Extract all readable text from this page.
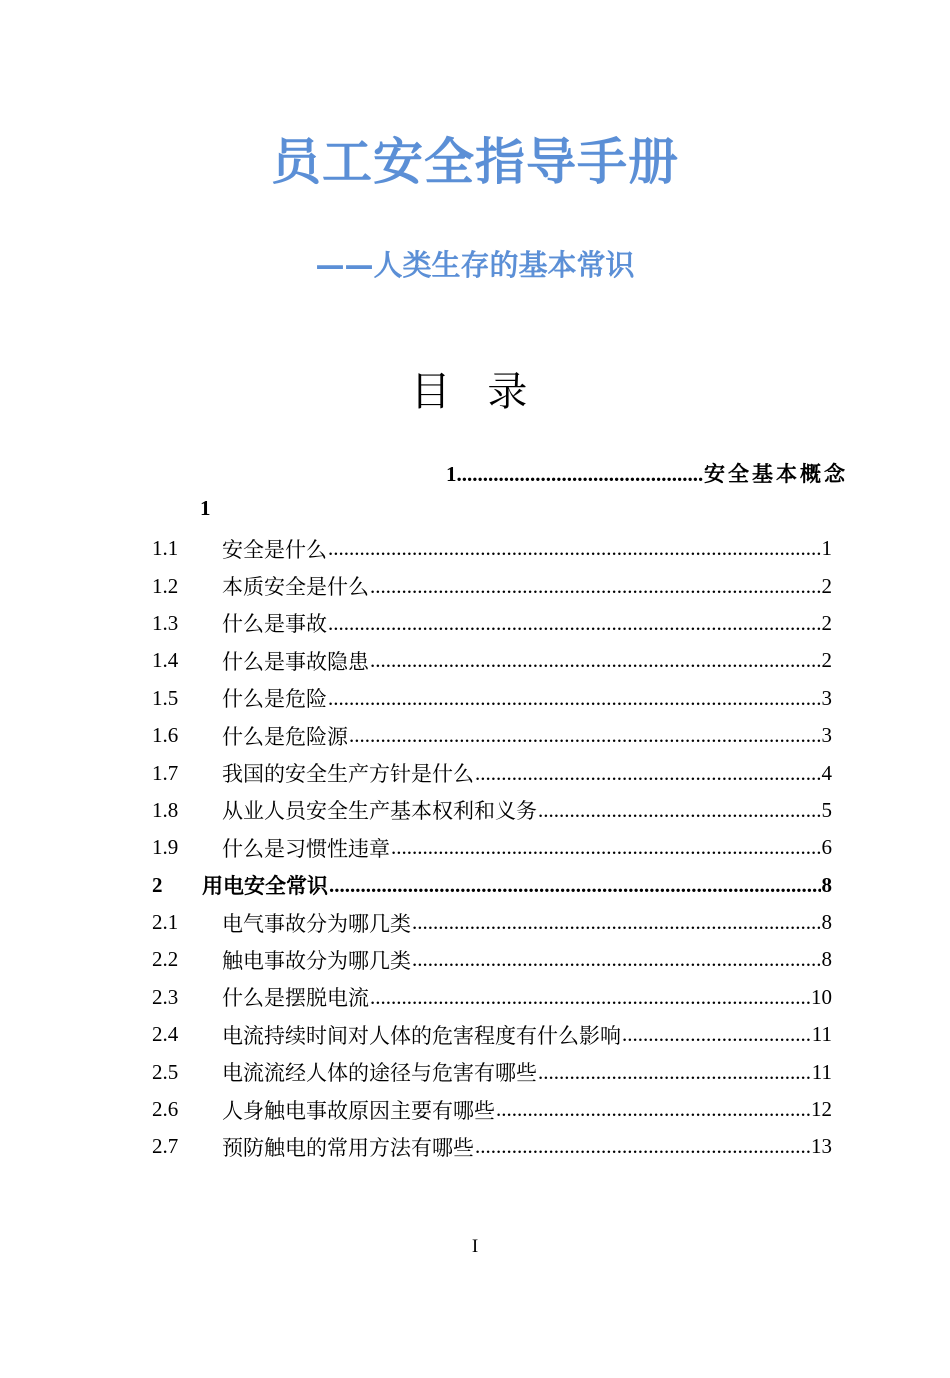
员工安全指导手册
——人类生存的基本常识
目 录
1 .....	安全基本概念
1
1.1	安全是什么 .....	1
1.2	本质安全是什么 .....	2
1.3	什么是事故 .....	2
1.4	什么是事故隐患 .....	2
1.5	什么是危险 .....	3
1.6	什么是危险源 .....	3
1.7	我国的安全生产方针是什么 .....	4
1.8	从业人员安全生产基本权利和义务 .....	5
1.9	什么是习惯性违章 .....	6
2	用电安全常识 .....	8
2.1	电气事故分为哪几类 .....	8
2.2	触电事故分为哪几类 .....	8
2.3	什么是摆脱电流 .....	10
2.4	电流持续时间对人体的危害程度有什么影响 .....	11
2.5	电流流经人体的途径与危害有哪些 .....	11
2.6	人身触电事故原因主要有哪些 .....	12
2.7	预防触电的常用方法有哪些 .....	13
I
